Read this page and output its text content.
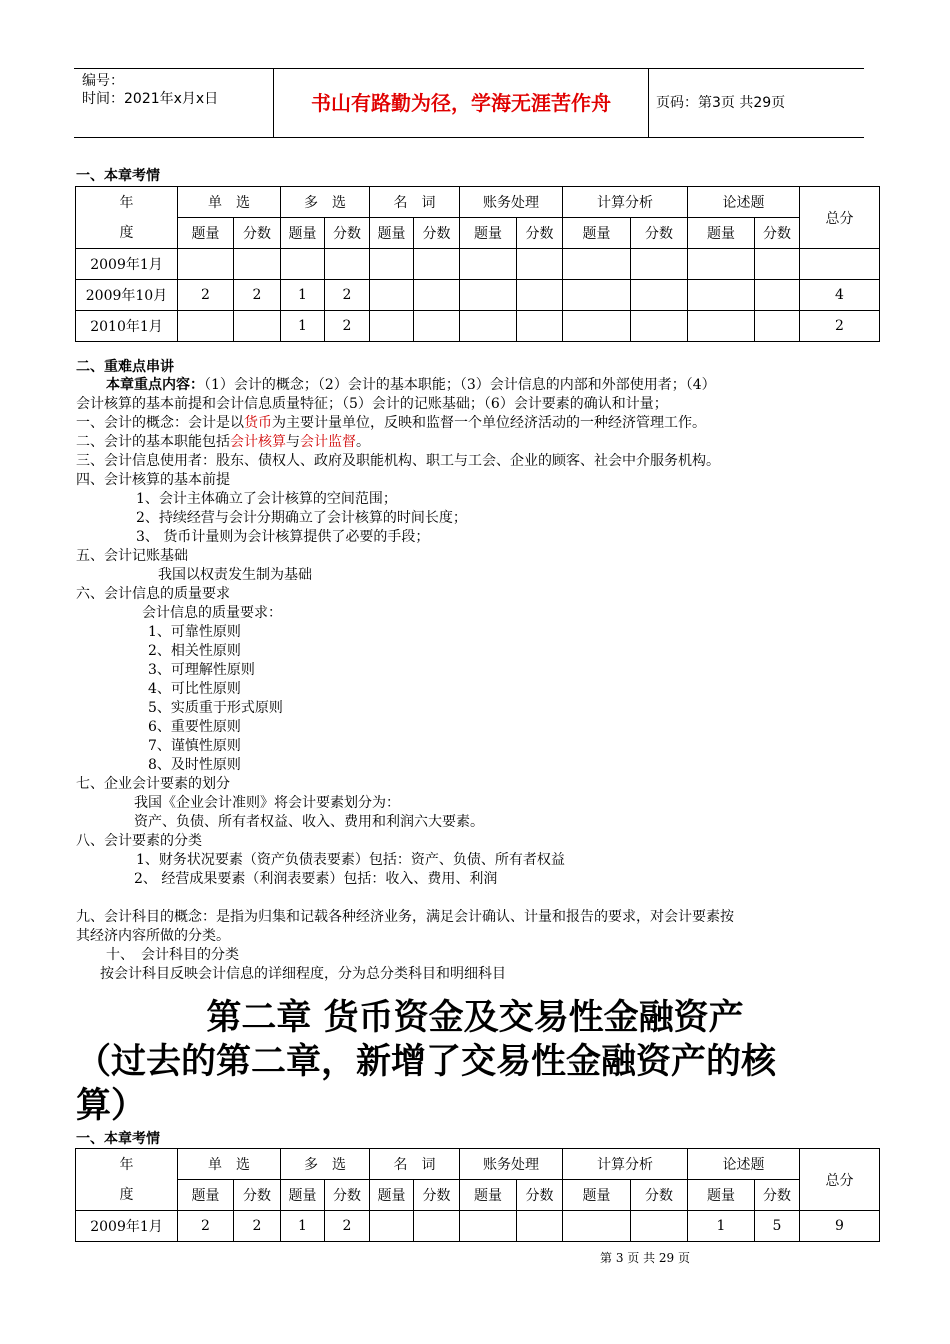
编号：
时间：2021年x月x日	书山有路勤为径，学海无涯苦作舟	页码：第3页 共29页
一、本章考情
年
度	单　选		多　选		名　词		账务处理		计算分析		论述题		总分
	题量	分数	题量	分数	题量	分数	题量	分数	题量	分数	题量	分数	
2009年1月													
2009年10月	2	2	1	2									4
2010年1月			1	2									2
二、重难点串讲
本章重点内容：（1）会计的概念；（2）会计的基本职能；（3）会计信息的内部和外部使用者；（4）
会计核算的基本前提和会计信息质量特征；（5）会计的记账基础；（6）会计要素的确认和计量；
一、会计的概念：会计是以货币为主要计量单位，反映和监督一个单位经济活动的一种经济管理工作。
二、会计的基本职能包括会计核算与会计监督。
三、会计信息使用者：股东、债权人、政府及职能机构、职工与工会、企业的顾客、社会中介服务机构。
四、会计核算的基本前提
1、会计主体确立了会计核算的空间范围；
2、持续经营与会计分期确立了会计核算的时间长度；
3、 货币计量则为会计核算提供了必要的手段；
五、会计记账基础
我国以权责发生制为基础
六、会计信息的质量要求
会计信息的质量要求：
1、可靠性原则
2、相关性原则
3、可理解性原则
4、可比性原则
5、实质重于形式原则
6、重要性原则
7、谨慎性原则
8、及时性原则
七、企业会计要素的划分
我国《企业会计准则》将会计要素划分为：
资产、负债、所有者权益、收入、费用和利润六大要素。
八、会计要素的分类
1、财务状况要素（资产负债表要素）包括：资产、负债、所有者权益
2、 经营成果要素（利润表要素）包括：收入、费用、利润
九、会计科目的概念：是指为归集和记载各种经济业务，满足会计确认、计量和报告的要求，对会计要素按
其经济内容所做的分类。
十、　会计科目的分类
按会计科目反映会计信息的详细程度，分为总分类科目和明细科目
第二章 货币资金及交易性金融资产
（过去的第二章，新增了交易性金融资产的核
算）
一、本章考情
年
度	单　选		多　选		名　词		账务处理		计算分析		论述题		总分
	题量	分数	题量	分数	题量	分数	题量	分数	题量	分数	题量	分数	
2009年1月	2	2	1	2							1	5	9
第 3 页 共 29 页
